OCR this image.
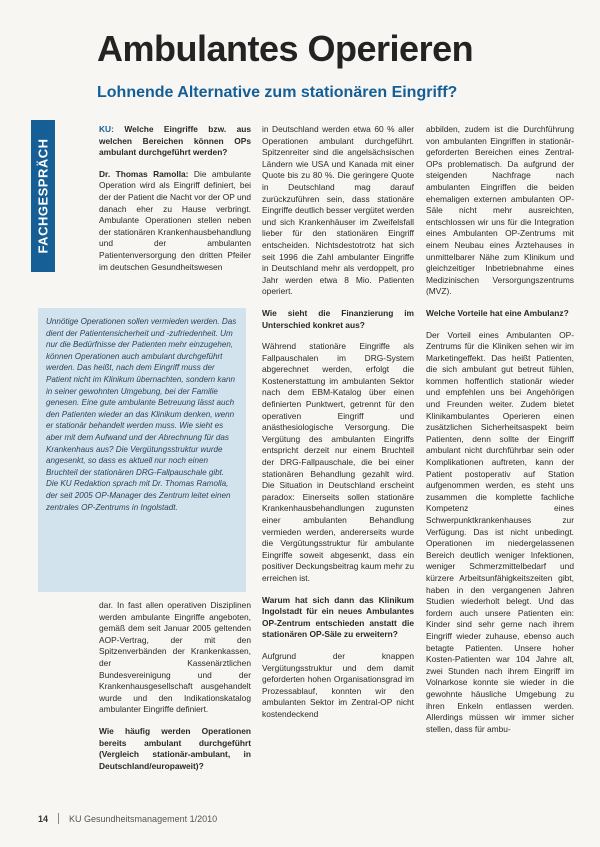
FACHGESPRÄCH
Ambulantes Operieren
Lohnende Alternative zum stationären Eingriff?

KU: Welche Eingriffe bzw. aus welchen Bereichen können OPs ambulant durchgeführt werden?

Dr. Thomas Ramolla: Die ambulante Operation wird als Eingriff definiert, bei der der Patient die Nacht vor der OP und danach eher zu Hause verbringt. Ambulante Operationen stellen neben der stationären Krankenhausbehandlung und der ambulanten Patientenversorgung den dritten Pfeiler im deutschen Gesundheitswesen

Unnötige Operationen sollen vermieden werden. Das dient der Patientensicherheit und -zufriedenheit. Um nur die Bedürfnisse der Patienten mehr einzugehen, können Operationen auch ambulant durchgeführt werden. Das heißt, nach dem Eingriff muss der Patient nicht im Klinikum übernachten, sondern kann in seiner gewohnten Umgebung, bei der Familie genesen. Eine gute ambulante Betreuung lässt auch den Patienten wieder an das Klinikum denken, wenn er stationär behandelt werden muss. Wie sieht es aber mit dem Aufwand und der Abrechnung für das Krankenhaus aus? Die Vergütungsstruktur wurde angesenkt, so dass es aktuell nur noch einen Bruchteil der stationären DRG-Fallpauschale gibt. Die KU Redaktion sprach mit Dr. Thomas Ramolla, der seit 2005 OP-Manager des Zentrum leitet einen zentrales OP-Zentrums in Ingolstadt.

dar. In fast allen operativen Disziplinen werden ambulante Eingriffe angeboten, gemäß dem seit Januar 2005 geltenden AOP-Vertrag, der mit den Spitzenverbänden der Krankenkassen, der Kassenärztlichen Bundesvereinigung und der Krankenhausgesellschaft ausgehandelt wurde und den Indikationskatalog ambulanter Eingriffe definiert.

Wie häufig werden Operationen bereits ambulant durchgeführt (Vergleich stationär-ambulant, in Deutschland/europaweit)?

in Deutschland werden etwa 60 % aller Operationen ambulant durchgeführt. Spitzenreiter sind die angelsächsischen Ländern wie USA und Kanada mit einer Quote bis zu 80 %. Die geringere Quote in Deutschland mag darauf zurückzuführen sein, dass stationäre Eingriffe deutlich besser vergütet werden und sich Krankenhäuser im Zweifelsfall lieber für den stationären Eingriff entscheiden. Nichtsdestotrotz hat sich seit 1996 die Zahl ambulanter Eingriffe in Deutschland mehr als verdoppelt, pro Jahr werden etwa 8 Mio. Patienten operiert.

Wie sieht die Finanzierung im Unterschied konkret aus?

Während stationäre Eingriffe als Fallpauschalen im DRG-System abgerechnet werden, erfolgt die Kostenerstattung im ambulanten Sektor nach dem EBM-Katalog über einen definierten Punktwert, getrennt für den operativen Eingriff und anästhesiologische Versorgung. Die Vergütung des ambulanten Eingriffs entspricht derzeit nur einem Bruchteil der DRG-Fallpauschale, die bei einer stationären Behandlung gezahlt wird. Die Situation in Deutschland erscheint paradox: Einerseits sollen stationäre Krankenhausbehandlungen zugunsten einer ambulanten Behandlung vermieden werden, andererseits wurde die Vergütungsstruktur für ambulante Eingriffe soweit abgesenkt, dass ein positiver Deckungsbeitrag kaum mehr zu erreichen ist.

Warum hat sich dann das Klinikum Ingolstadt für ein neues Ambulantes OP-Zentrum entschieden anstatt die stationären OP-Säle zu erweitern?

Aufgrund der knappen Vergütungsstruktur und dem damit geforderten hohen Organisationsgrad im Prozessablauf, konnten wir den ambulanten Sektor im Zentral-OP nicht kostendeckend

abbilden, zudem ist die Durchführung von ambulanten Eingriffen in stationär-geforderten Bereichen eines Zentral-OPs problematisch. Da aufgrund der steigenden Nachfrage nach ambulanten Eingriffen die beiden ehemaligen externen ambulanten OP-Säle nicht mehr ausreichten, entschlossen wir uns für die Integration eines Ambulanten OP-Zentrums mit einem Neubau eines Ärztehauses in unmittelbarer Nähe zum Klinikum und gleichzeitiger Inbetriebnahme eines Medizinischen Versorgungszentrums (MVZ).

Welche Vorteile hat eine Ambulanz?

Der Vorteil eines Ambulanten OP-Zentrums für die Kliniken sehen wir im Marketingeffekt. Das heißt Patienten, die sich ambulant gut betreut fühlen, kommen hoffentlich stationär wieder und empfehlen uns bei Angehörigen und Freunden weiter. Zudem bietet Klinikambulantes Operieren einen zusätzlichen Sicherheitsaspekt beim Patienten, denn sollte der Eingriff ambulant nicht durchführbar sein oder Komplikationen auftreten, kann der Patient postoperativ auf Station aufgenommen werden, es steht uns zusammen die komplette fachliche Kompetenz eines Schwerpunktkrankenhauses zur Verfügung. Das ist nicht unbedingt. Operationen im niedergelassenen Bereich deutlich weniger Infektionen, weniger Schmerzmittelbedarf und kürzere Arbeitsunfähigkeitszeiten gibt, haben in den vergangenen Jahren Studien wiederholt belegt. Und das fordern auch unsere Patienten ein: Kinder sind sehr gerne nach ihrem Eingriff wieder zuhause, ebenso auch betagte Patienten. Unsere hoher Kosten-Patienten war 104 Jahre alt, zwei Stunden nach ihrem Eingriff im Volnarkose konnte sie wieder in die gewohnte häusliche Umgebung zu ihren Enkeln entlassen werden. Allerdings müssen wir immer sicher stellen, dass für ambu-

14 KU Gesundheitsmanagement 1/2010
